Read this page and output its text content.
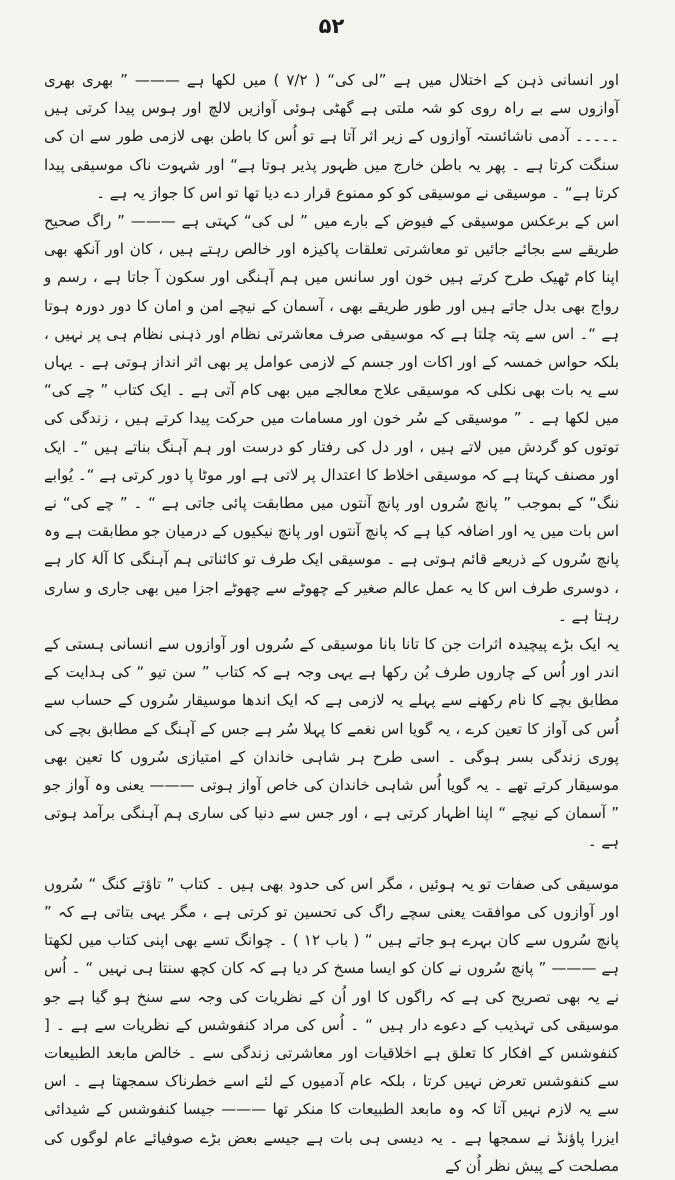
۵۲

اور انسانی ذہن کے اختلال میں ہے ”لی کی“ ( ۷/۲ ) میں لکھا ہے ——— ” بھری بھری آوازوں سے بے راہ روی کو شہ ملتی ہے گھٹی ہوئی آوازیں لالچ اور ہوس پیدا کرتی ہیں ۔۔۔۔۔ آدمی ناشائستہ آوازوں کے زیر اثر آتا ہے تو اُس کا باطن بھی لازمی طور سے ان کی سنگت کرتا ہے ۔ پھر یہ باطن خارج میں ظہور پذیر ہوتا ہے“ اور شہوت ناک موسیقی پیدا کرتا ہے“ ۔ موسیقی نے موسیقی کو کو ممنوع قرار دے دیا تھا تو اس کا جواز یہ ہے ۔

اس کے برعکس موسیقی کے فیوض کے بارے میں ” لی کی“ کہتی ہے ——— ” راگ صحیح طریقے سے بجائے جائیں تو معاشرتی تعلقات پاکیزہ اور خالص رہتے ہیں ، کان اور آنکھ بھی اپنا کام ٹھیک طرح کرتے ہیں خون اور سانس میں ہم آہنگی اور سکون آ جاتا ہے ، رسم و رواج بھی بدل جاتے ہیں اور طور طریقے بھی ، آسمان کے نیچے امن و امان کا دور دورہ ہوتا ہے “۔ اس سے پتہ چلتا ہے کہ موسیقی صرف معاشرتی نظام اور ذہنی نظام ہی پر نہیں ، بلکہ حواس خمسہ کے اور اکات اور جسم کے لازمی عوامل پر بھی اثر انداز ہوتی ہے ۔ یہاں سے یہ بات بھی نکلی کہ موسیقی علاج معالجے میں بھی کام آتی ہے ۔ ایک کتاب ” چے کی“ میں لکھا ہے ۔ ” موسیقی کے سُر خون اور مسامات میں حرکت پیدا کرتے ہیں ، زندگی کی توتوں کو گردش میں لاتے ہیں ، اور دل کی رفتار کو درست اور ہم آہنگ بناتے ہیں “۔ ایک اور مصنف کہتا ہے کہ موسیقی اخلاط کا اعتدال پر لاتی ہے اور موٹا پا دور کرتی ہے “۔ یُوابے ننگ“ کے بموجب ” پانچ سُروں اور پانچ آنتوں میں مطابقت پائی جاتی ہے “ ۔ ” چے کی“ نے اس بات میں یہ اور اضافہ کیا ہے کہ پانچ آنتوں اور پانچ نیکیوں کے درمیان جو مطابقت ہے وہ پانچ سُروں کے ذریعے قائم ہوتی ہے ۔ موسیقی ایک طرف تو کائناتی ہم آہنگی کا آلۂ کار ہے ، دوسری طرف اس کا یہ عمل عالم صغیر کے چھوٹے سے چھوٹے اجزا میں بھی جاری و ساری رہتا ہے ۔

یہ ایک بڑے پیچیدہ اثرات جن کا تانا بانا موسیقی کے سُروں اور آوازوں سے انسانی ہستی کے اندر اور اُس کے چاروں طرف بُن رکھا ہے یہی وجہ ہے کہ کتاب ” سن تیو “ کی ہدایت کے مطابق بچے کا نام رکھنے سے پہلے یہ لازمی ہے کہ ایک اندھا موسیقار سُروں کے حساب سے اُس کی آواز کا تعین کرے ، یہ گویا اس نغمے کا پہلا سُر ہے جس کے آہنگ کے مطابق بچے کی پوری زندگی بسر ہوگی ۔ اسی طرح ہر شاہی خاندان کے امتیازی سُروں کا تعین بھی موسیقار کرتے تھے ۔ یہ گویا اُس شاہی خاندان کی خاص آواز ہوتی ——— یعنی وہ آواز جو ” آسمان کے نیچے “ اپنا اظہار کرتی ہے ، اور جس سے دنیا کی ساری ہم آہنگی برآمد ہوتی ہے ۔

موسیقی کی صفات تو یہ ہوئیں ، مگر اس کی حدود بھی ہیں ۔ کتاب ” تاؤتے کنگ “ سُروں اور آوازوں کی موافقت یعنی سچے راگ کی تحسین تو کرتی ہے ، مگر یہی بتاتی ہے کہ ” پانچ سُروں سے کان بہرے ہو جاتے ہیں “ ( باب ۱۲ ) ۔ چوانگ تسے بھی اپنی کتاب میں لکھتا ہے ——— ” پانچ سُروں نے کان کو ایسا مسخ کر دیا ہے کہ کان کچھ سنتا ہی نہیں “ ۔ اُس نے یہ بھی تصریح کی ہے کہ راگوں کا اور اُن کے نظریات کی وجہ سے سنخ ہو گیا ہے جو موسیقی کی تہذیب کے دعوے دار ہیں “ ۔ اُس کی مراد کنفوشس کے نظریات سے ہے ۔ [ کنفوشس کے افکار کا تعلق ہے اخلاقیات اور معاشرتی زندگی سے ۔ خالص مابعد الطبیعات سے کنفوشس تعرض نہیں کرتا ، بلکہ عام آدمیوں کے لئے اسے خطرناک سمجھتا ہے ۔ اس سے یہ لازم نہیں آتا کہ وہ مابعد الطبیعات کا منکر تھا ——— جیسا کنفوشس کے شیدائی ایزرا پاؤنڈ نے سمجھا ہے ۔ یہ دیسی ہی بات ہے جیسے بعض بڑے صوفیائے عام لوگوں کی مصلحت کے پیش نظر اُن کے
